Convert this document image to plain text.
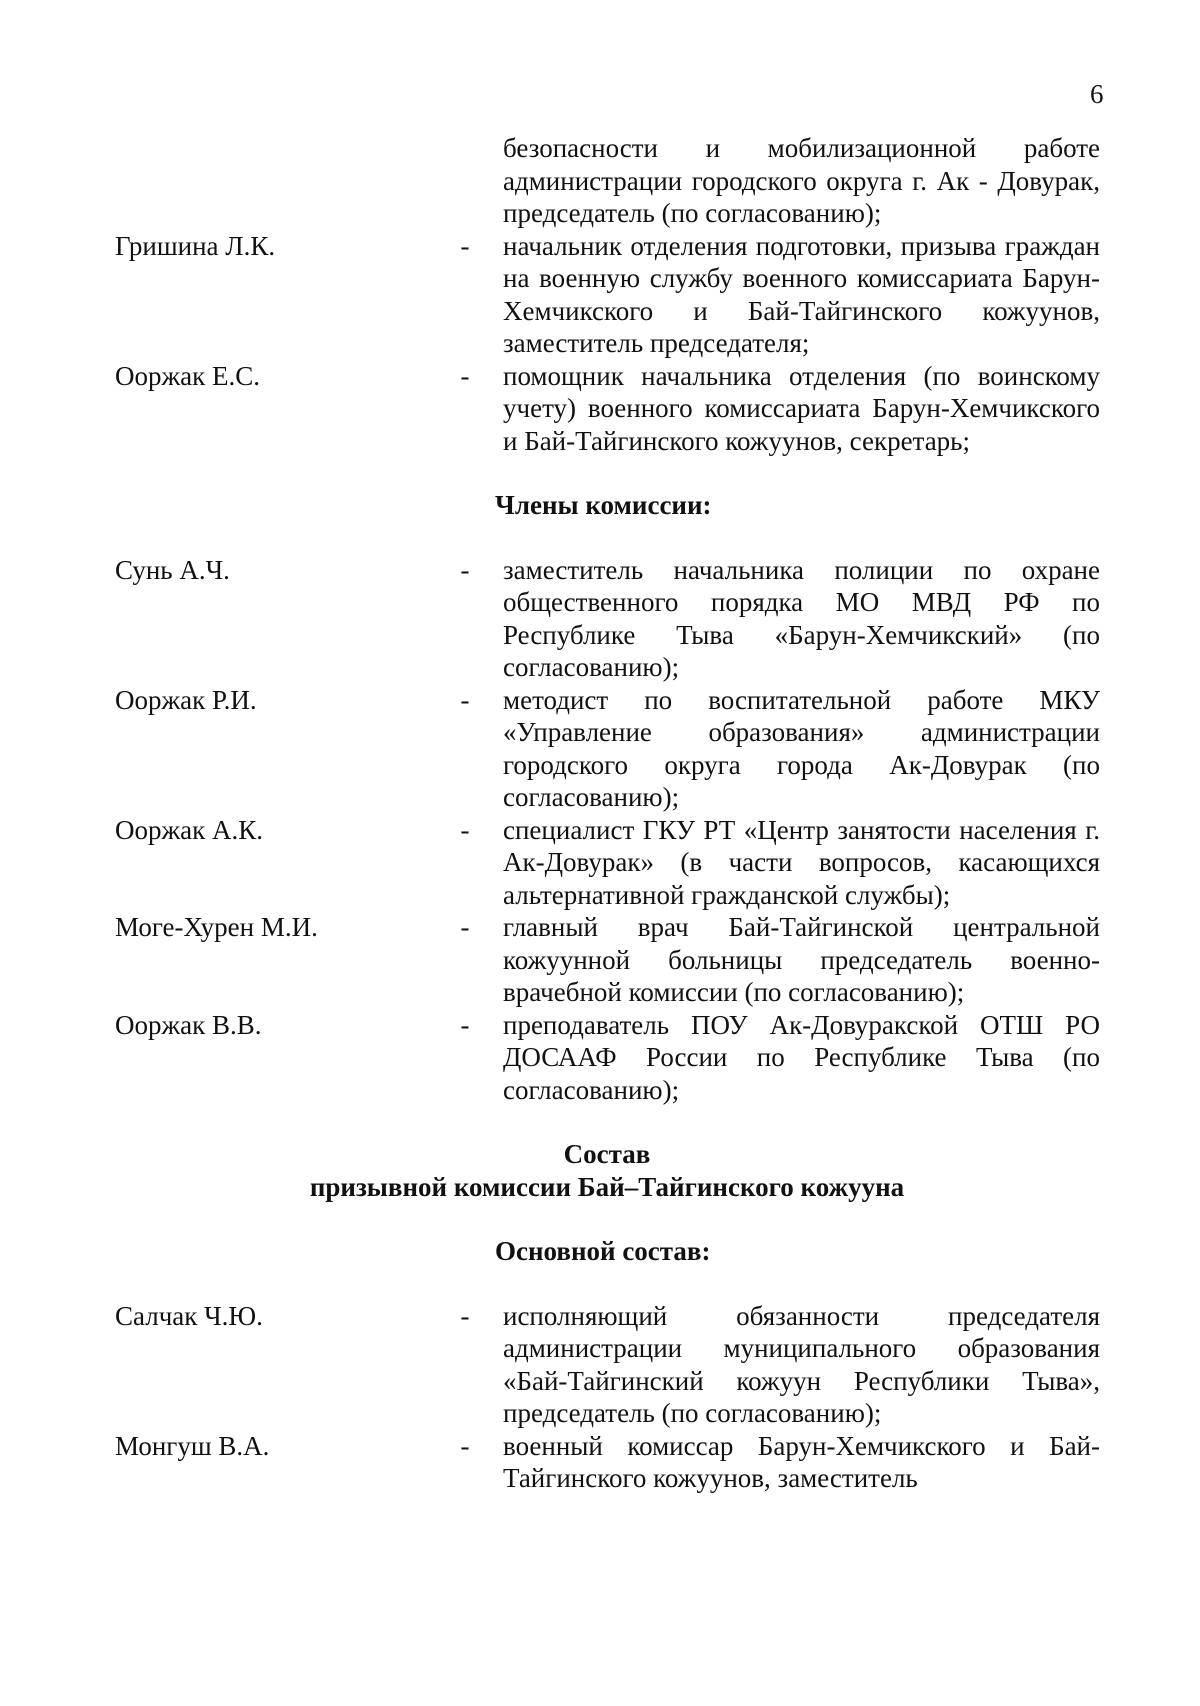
6
безопасности и мобилизационной работе администрации городского округа г. Ак - Довурак, председатель (по согласованию);
Гришина Л.К.	- начальник отделения подготовки, призыва граждан на военную службу военного комиссариата Барун-Хемчикского и Бай-Тайгинского кожуунов, заместитель председателя;
Ооржак Е.С.	- помощник начальника отделения (по воинскому учету) военного комиссариата Барун-Хемчикского и Бай-Тайгинского кожуунов, секретарь;
Члены комиссии:
Сунь А.Ч.	- заместитель начальника полиции по охране общественного порядка МО МВД РФ по Республике Тыва «Барун-Хемчикский» (по согласованию);
Ооржак Р.И.	- методист по воспитательной работе МКУ «Управление образования» администрации городского округа города Ак-Довурак (по согласованию);
Ооржак А.К.	- специалист ГКУ РТ «Центр занятости населения г. Ак-Довурак» (в части вопросов, касающихся альтернативной гражданской службы);
Моге-Хурен М.И.	- главный врач Бай-Тайгинской центральной кожуунной больницы председатель военно-врачебной комиссии (по согласованию);
Ооржак В.В.	- преподаватель ПОУ Ак-Довуракской ОТШ РО ДОСААФ России по Республике Тыва (по согласованию);
Состав
призывной комиссии Бай–Тайгинского кожууна
Основной состав:
Салчак Ч.Ю.	- исполняющий обязанности председателя администрации муниципального образования «Бай-Тайгинский кожуун Республики Тыва», председатель (по согласованию);
Монгуш В.А.	- военный комиссар Барун-Хемчикского и Бай-Тайгинского кожуунов, заместитель
